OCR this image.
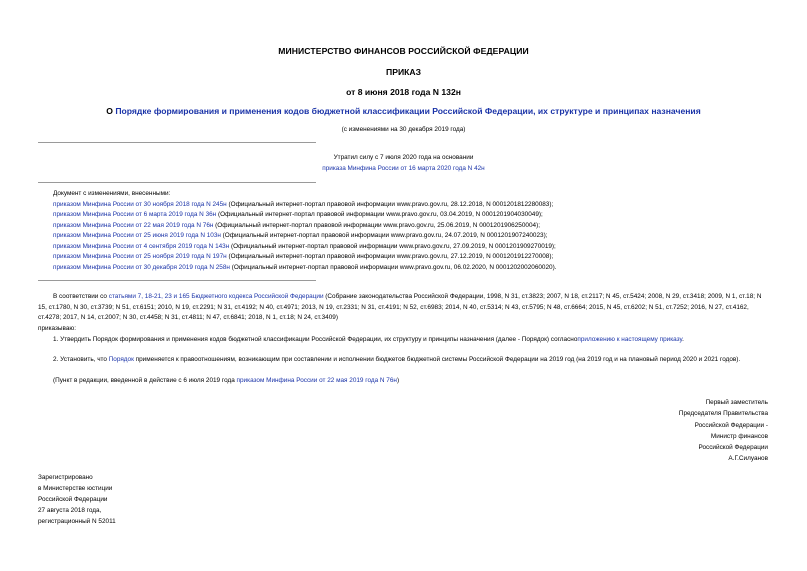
МИНИСТЕРСТВО ФИНАНСОВ РОССИЙСКОЙ ФЕДЕРАЦИИ
ПРИКАЗ
от 8 июня 2018 года N 132н
О Порядке формирования и применения кодов бюджетной классификации Российской Федерации, их структуре и принципах назначения
(с изменениями на 30 декабря 2019 года)
Утратил силу с 7 июля 2020 года на основании
приказа Минфина России от 16 марта 2020 года N 42н
Документ с изменениями, внесенными:
приказом Минфина России от 30 ноября 2018 года N 245н (Официальный интернет-портал правовой информации www.pravo.gov.ru, 28.12.2018, N 0001201812280083);
приказом Минфина России от 6 марта 2019 года N 36н (Официальный интернет-портал правовой информации www.pravo.gov.ru, 03.04.2019, N 0001201904030049);
приказом Минфина России от 22 мая 2019 года N 76н (Официальный интернет-портал правовой информации www.pravo.gov.ru, 25.06.2019, N 0001201906250004);
приказом Минфина России от 25 июня 2019 года N 103н (Официальный интернет-портал правовой информации www.pravo.gov.ru, 24.07.2019, N 0001201907240023);
приказом Минфина России от 4 сентября 2019 года N 143н (Официальный интернет-портал правовой информации www.pravo.gov.ru, 27.09.2019, N 0001201909270019);
приказом Минфина России от 25 ноября 2019 года N 197н (Официальный интернет-портал правовой информации www.pravo.gov.ru, 27.12.2019, N 0001201912270008);
приказом Минфина России от 30 декабря 2019 года N 258н (Официальный интернет-портал правовой информации www.pravo.gov.ru, 06.02.2020, N 0001202002060020).
В соответствии со статьями 7, 18-21, 23 и 165 Бюджетного кодекса Российской Федерации (Собрание законодательства Российской Федерации, 1998, N 31, ст.3823; 2007, N 18, ст.2117; N 45, ст.5424; 2008, N 29, ст.3418; 2009, N 1, ст.18; N 15, ст.1780, N 30, ст.3739; N 51, ст.6151; 2010, N 19, ст.2291; N 31, ст.4192; N 40, ст.4971; 2013, N 19, ст.2331; N 31, ст.4191; N 52, ст.6983; 2014, N 40, ст.5314; N 43, ст.5795; N 48, ст.6664; 2015, N 45, ст.6202; N 51, ст.7252; 2016, N 27, ст.4162, ст.4278; 2017, N 14, ст.2007; N 30, ст.4458; N 31, ст.4811; N 47, ст.6841; 2018, N 1, ст.18; N 24, ст.3409)
приказываю:
1. Утвердить Порядок формирования и применения кодов бюджетной классификации Российской Федерации, их структуру и принципы назначения (далее - Порядок) согласноприложению к настоящему приказу.
2. Установить, что Порядок применяется к правоотношениям, возникающим при составлении и исполнении бюджетов бюджетной системы Российской Федерации на 2019 год (на 2019 год и на плановый период 2020 и 2021 годов).
(Пункт в редакции, введенной в действие с 6 июля 2019 года приказом Минфина России от 22 мая 2019 года N 76н)
Первый заместитель
Председателя Правительства
Российской Федерации -
Министр финансов
Российской Федерации
А.Г.Силуанов
Зарегистрировано
в Министерстве юстиции
Российской Федерации
27 августа 2018 года,
регистрационный N 52011
